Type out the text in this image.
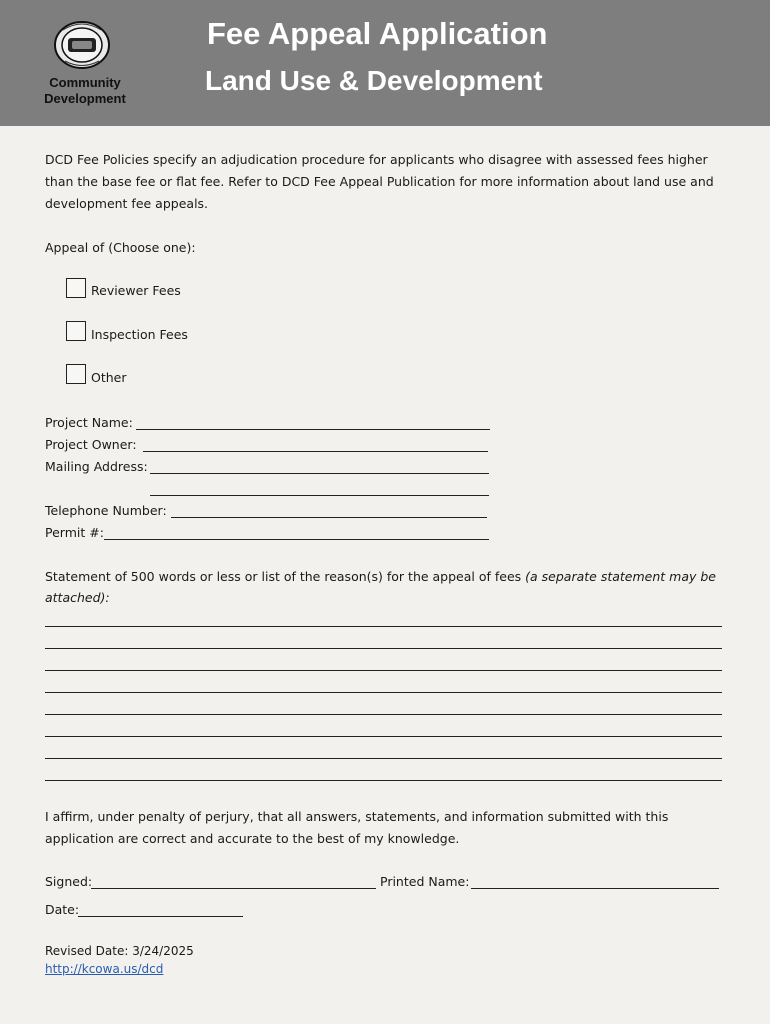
Community
Development
Fee Appeal Application
Land Use & Development
DCD Fee Policies specify an adjudication procedure for applicants who disagree with assessed fees higher than the base fee or flat fee. Refer to DCD Fee Appeal Publication for more information about land use and development fee appeals.
Appeal of (Choose one):
Reviewer Fees
Inspection Fees
Other
Project Name:
Project Owner:
Mailing Address:
Telephone Number:
Permit #:
Statement of 500 words or less or list of the reason(s) for the appeal of fees (a separate statement may be
attached):
I affirm, under penalty of perjury, that all answers, statements, and information submitted with this application are correct and accurate to the best of my knowledge.
Signed:	Printed Name:
Date:
Revised Date: 3/24/2025
http://kcowa.us/dcd
